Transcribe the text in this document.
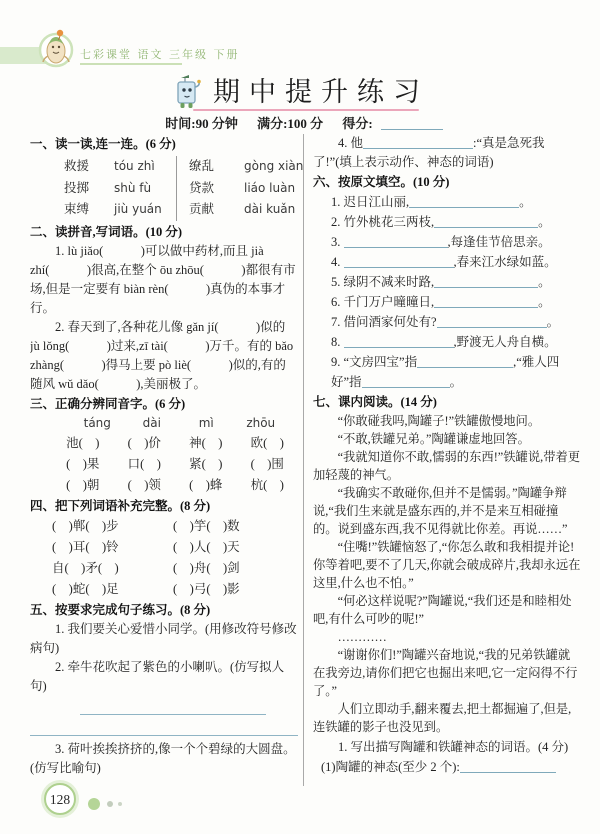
七彩课堂 语文 三年级 下册
期中提升练习
时间:90 分钟 满分:100 分 得分:
一、读一读,连一连。(6 分)
救援	tóu zhì	缭乱	gòng xiàn
投掷	shù fù	贷款	liáo luàn
束缚	jiù yuán	贡献	dài kuǎn
二、读拼音,写词语。(10 分)

1. lù jiǎo(　　　)可以做中药材,而且 jià zhí(　　　)很高,在整个 ōu zhōu(　　　)都很有市场,但是一定要有 biàn rèn(　　　)真伪的本事才行。

2. 春天到了,各种花儿像 gǎn jí(　　　)似的 jù lǒng(　　　)过来,zī tài(　　　)万千。有的 bǎo zhàng(　　　)得马上要 pò liè(　　　)似的,有的随风 wǔ dǎo(　　　),美丽极了。

三、正确分辨同音字。(6 分)
táng	dài	mì	zhōu
池(　)	(　)价	神(　)	欧(　)
(　)果	口(　)	紧(　)	(　)围
(　)朝	(　)领	(　)蜂	杭(　)
四、把下列词语补充完整。(8 分)
(　)郸(　)步	(　)竽(　)数
(　)耳(　)铃	(　)人(　)天
自(　)矛(　)	(　)舟(　)剑
(　)蛇(　)足	(　)弓(　)影
五、按要求完成句子练习。(8 分)

1. 我们要关心爱惜小同学。(用修改符号修改病句)

2. 牵牛花吹起了紫色的小喇叭。(仿写拟人句)

3. 荷叶挨挨挤挤的,像一个个碧绿的大圆盘。(仿写比喻句)

4. 他	:“真是急死我了!”(填上表示动作、神态的词语)

六、按原文填空。(10 分)
1. 迟日江山丽,	。
2. 竹外桃花三两枝,	。
3.	,每逢佳节倍思亲。
4.	,春来江水绿如蓝。
5. 绿阴不减来时路,	。
6. 千门万户曈曈日,	。
7. 借问酒家何处有?	。
8.	,野渡无人舟自横。
9. “文房四宝”指	,“雅人四好”指	。
七、课内阅读。(14 分)

“你敢碰我吗,陶罐子!”铁罐傲慢地问。

“不敢,铁罐兄弟。”陶罐谦虚地回答。

“我就知道你不敢,懦弱的东西!”铁罐说,带着更加轻蔑的神气。

“我确实不敢碰你,但并不是懦弱。”陶罐争辩说,“我们生来就是盛东西的,并不是来互相碰撞的。说到盛东西,我不见得就比你差。再说……”

“住嘴!”铁罐恼怒了,“你怎么敢和我相提并论! 你等着吧,要不了几天,你就会破成碎片,我却永远在这里,什么也不怕。”

“何必这样说呢?”陶罐说,“我们还是和睦相处吧,有什么可吵的呢!”

…………

“谢谢你们!”陶罐兴奋地说,“我的兄弟铁罐就在我旁边,请你们把它也掘出来吧,它一定闷得不行了。”

人们立即动手,翻来覆去,把土都掘遍了,但是,连铁罐的影子也没见到。

1. 写出描写陶罐和铁罐神态的词语。(4 分)

(1)陶罐的神态(至少 2 个):
128
